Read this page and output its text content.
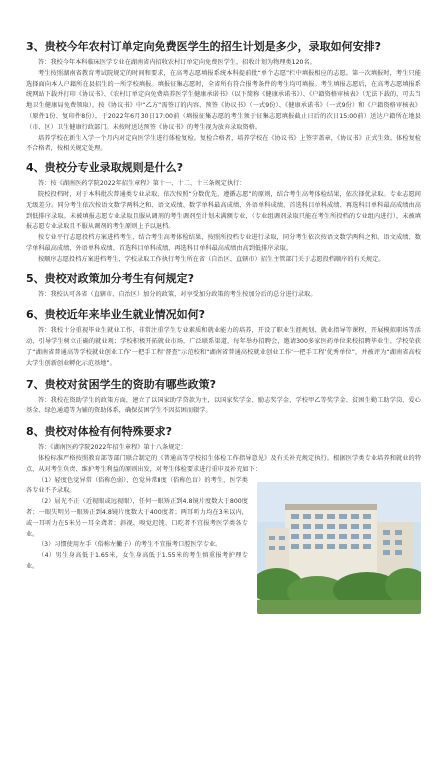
3、贵校今年农村订单定向免费医学生的招生计划是多少，录取如何安排?

答：我校今年本科临床医学专业在湖南省内招收农村订单定向免费医学生，招收计划为物理类120名。

考生按照湖南省教育考试院规定的时间和要求，在高考志愿填报系统本科提前批“单个志愿”栏中填报相应的志愿。第一次填报时，考生只能选择面向本人户籍所在县招生的一所学校填报。填报征集志愿时，全省所有符合报考条件的考生均可填报。考生填报志愿后，在高考志愿填报系统网站下载并打印《协议书》、《农村订单定向免费培养医学生健康承诺书》（以下简称《健康承诺书》）、《户籍资格审核表》（无法下载的，可去当地卫生健康局免费领取），按《协议书》中“乙方”需签订的内容，预签《协议书》（一式9份）、《健康承诺书》（一式9份）和《户籍资格审核表》（原件1份、复印件8份），于2022年6月30日17:00前（填报征集志愿的考生须于征集志愿填报截止日后的次日15:00前）送达户籍所在地县（市、区）卫生健康行政部门。未按时送达预签《协议书》的考生视为放弃录取资格。

培养学校在新生入学一个月内对定向医学生进行体检复检。复检合格者，培养学校在《协议书》上签字盖章，《协议书》正式生效。体检复检不合格者，按相关规定处理。

4、贵校分专业录取规则是什么?

答：按《湖南医药学院2022年招生章程》第十一、十二、十三条规定执行：

院校投档时，对于本科批次普通类专业录取、依次按照“分数优先、遵循志愿”的原则，结合考生高考体检结果，依次择优录取。专业志愿间无级差分。同分考生依次按语文数学两科之和、语文成绩、数学单科最高成绩、外语单科成绩、首选科目单科成绩、再选科目单科最高成绩由高到低排序录取。未被填报志愿专业录取且服从调剂的考生调剂至计划未满额专业，（专业组调剂录取只能在考生所投档的专业组内进行），未被填报志愿专业录取且不服从调剂的考生原则上予以退档。

按专业平行志愿投档方案进档考生，结合考生高考体检结果，按照所投档专业进行录取，同分考生依次按语文数学两科之和、语文成绩、数学单科最高成绩、外语单科成绩、首选科目单科成绩、再选科目单科最高成绩由高到低排序录取。

按顺序志愿投档方案进档考生，学校录取工作执行考生所在省（自治区、直辖市）招生主管部门关于志愿投档顺序的有关规定。

5、贵校对政策加分考生有何规定?

答：我校认可各省（直辖市、自治区）加分的政策，对享受加分政策的考生按加分后的总分进行录取。

6、贵校近年来毕业生就业情况如何?

答：我校十分重视毕业生就业工作，非常注重学生专业素质和就业能力的培养，开设了职业生涯规划、就业指导等课程，开展模拟职场等活动，引导学生树立正确的就业观；学校积极开拓就业市场，广泛联系渠道，每年举办招聘会，邀请300多家医药单位来校招聘毕业生。学校荣获了“湖南省普通高等学校就业创业工作‘一把手工程’督查”示范校和“湖南省普通高校就业创业工作‘一把手工程’优秀单位”，并被评为“湖南省高校大学生创新创业孵化示范基地”。

7、贵校对贫困学生的资助有哪些政策?

答：我校在资助学生的政策方面，建立了以国家助学贷款为主，以国家奖学金、励志奖学金、学校甲乙等奖学金、贫困生勤工助学岗、爱心基金、绿色通道等为辅的资助体系，确保贫困学生不因贫困而辍学。

8、贵校对体检有何特殊要求?

答：《湖南医药学院2022年招生章程》第十八条规定：

体检标准严格按照教育部等部门联合制定的《普通高等学校招生体检工作指导意见》及有关补充规定执行。根据医学类专业培养和就业的特点，从对考生负责、维护考生利益的原则出发，对考生体检要求进行重申及补充如下：

（1）轻度色觉异常（俗称色弱），色觉异常Ⅱ度（俗称色盲）的考生，医学类各专业不予录取。

（2）屈光不正（近视眼或远视眼），任何一眼矫正到4.8镜片度数大于800度者；一眼失明另一眼矫正到4.8镜片度数大于400度者；两耳听力均在3米以内，或一耳听力在5米另一耳全聋者；斜视、嗅觉迟钝、口吃者不宜报考医学类各专业。

（3）习惯使用左手（俗称左撇子）的考生不宜报考口腔医学专业。

（4）男生身高低于1.65米，女生身高低于1.55米的考生慎重报考护理专业。
